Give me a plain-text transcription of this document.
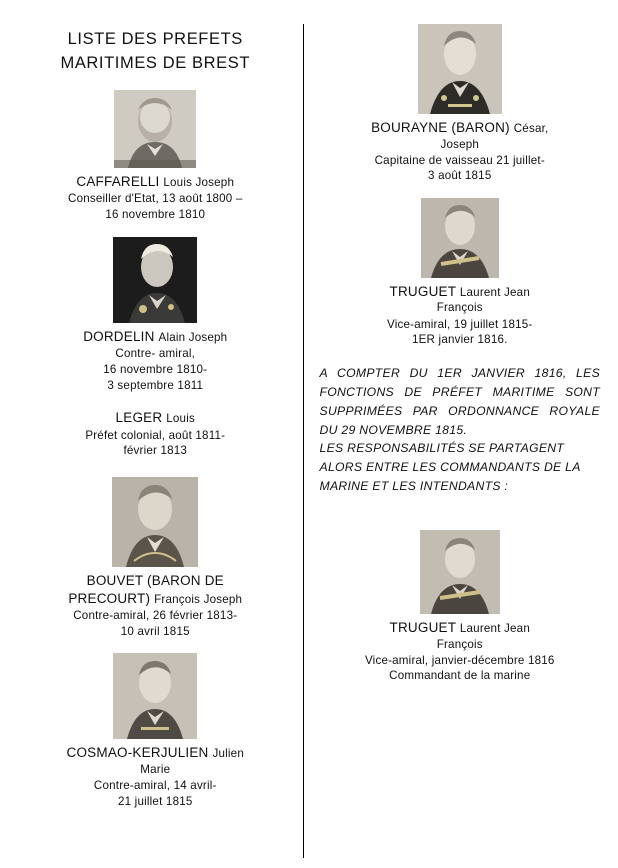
LISTE DES PREFETS
MARITIMES DE BREST
CAFFARELLI Louis Joseph
Conseiller d'Etat, 13 août 1800 –
16 novembre 1810
DORDELIN Alain Joseph
Contre- amiral,
16 novembre 1810-
3 septembre 1811
LEGER Louis
Préfet colonial, août 1811-
février 1813
BOUVET (BARON DE
PRECOURT) François Joseph
Contre-amiral, 26 février 1813-
10 avril 1815
COSMAO-KERJULIEN Julien
Marie
Contre-amiral, 14 avril-
21 juillet 1815
BOURAYNE (BARON) César,
Joseph
Capitaine de vaisseau 21 juillet-
3 août 1815
TRUGUET Laurent Jean
François
Vice-amiral, 19 juillet 1815-
1ER janvier 1816.

A COMPTER DU 1ER JANVIER 1816, LES FONCTIONS DE PRÉFET MARITIME SONT SUPPRIMÉES PAR ORDONNANCE ROYALE DU 29 NOVEMBRE 1815.

LES RESPONSABILITÉS SE PARTAGENT ALORS ENTRE LES COMMANDANTS DE LA MARINE ET LES INTENDANTS :

TRUGUET Laurent Jean
François
Vice-amiral, janvier-décembre 1816
Commandant de la marine
